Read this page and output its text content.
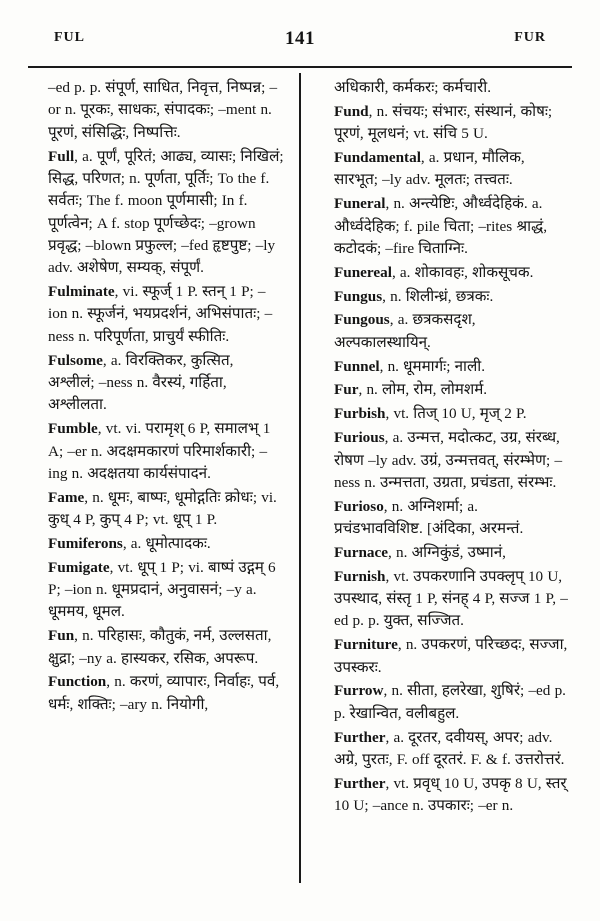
FUL	141	FUR
–ed p. p. संपूर्ण, साधित, निवृत्त, निष्पन्न; –or n. पूरकः, साधकः, संपादकः; –ment n. पूरणं, संसिद्धिः, निष्पत्तिः.
Full, a. पूर्णं, पूरितं; आढ्य, व्यासः; निखिलं; सिद्ध, परिणत; n. पूर्णता, पूर्तिः; To the f. सर्वतः; The f. moon पूर्णमासी; In f. पूर्णत्वेन; A f. stop पूर्णच्छेदः; –grown प्रवृद्ध; –blown प्रफुल्ल; –fed हृष्टपुष्ट; –ly adv. अशेषेण, सम्यक्, संपूर्णं.
Fulminate, vi. स्फूर्ज् 1 P. स्तन् 1 P; –ion n. स्फूर्जनं, भयप्रदर्शनं, अभिसंपातः; –ness n. परिपूर्णता, प्राचुर्यं स्फीतिः.
Fulsome, a. विरक्तिकर, कुत्सित, अश्लीलं; –ness n. वैरस्यं, गर्हिता, अश्लीलता.
Fumble, vt. vi. परामृश् 6 P, समालभ् 1 A; –er n. अदक्षमकारणं परिमार्शकारी; –ing n. अदक्षतया कार्यसंपादनं.
Fame, n. धूमः, बाष्पः, धूमोद्गतिः क्रोधः; vi. कुध् 4 P, कुप् 4 P; vt. धूप् 1 P.
Fumiferons, a. धूमोत्पादकः.
Fumigate, vt. धूप् 1 P; vi. बाष्पं उद्गम् 6 P; –ion n. धूमप्रदानं, अनुवासनं; –y a. धूममय, धूमल.
Fun, n. परिहासः, कौतुकं, नर्म, उल्लसता, क्षुद्रा; –ny a. हास्यकर, रसिक, अपरूप.
Function, n. करणं, व्यापारः, निर्वाहः, पर्व, धर्मः, शक्तिः; –ary n. नियोगी,
अधिकारी, कर्मकरः; कर्मचारी.
Fund, n. संचयः; संभारः, संस्थानं, कोषः; पूरणं, मूलधनं; vt. संचि 5 U.
Fundamental, a. प्रधान, मौलिक, सारभूत; –ly adv. मूलतः; तत्त्वतः.
Funeral, n. अन्त्येष्टिः, और्ध्वदेहिकं. a. और्ध्वदेहिक; f. pile चिता; –rites श्राद्धं, कटोदकं; –fire चिताग्निः.
Funereal, a. शोकावहः, शोकसूचक.
Fungus, n. शिलीन्ध्रं, छत्रकः.
Fungous, a. छत्रकसदृश, अल्पकालस्थायिन्.
Funnel, n. धूममार्गः; नाली.
Fur, n. लोम, रोम, लोमशर्म.
Furbish, vt. तिज् 10 U, मृज् 2 P.
Furious, a. उन्मत्त, मदोत्कट, उग्र, संरब्ध, रोषण –ly adv. उग्रं, उन्मत्तवत्, संरम्भेण; –ness n. उन्मत्तता, उग्रता, प्रचंडता, संरम्भः.
Furioso, n. अग्निशर्मा; a. प्रचंडभावविशिष्ट. [अंदिका, अरमन्तं.
Furnace, n. अग्निकुंडं, उष्मानं,
Furnish, vt. उपकरणानि उपक्लृप् 10 U, उपस्थाद, संस्तृ 1 P, संनह् 4 P, सज्ज 1 P, –ed p. p. युक्त, सज्जित.
Furniture, n. उपकरणं, परिच्छदः, सज्जा, उपस्करः.
Furrow, n. सीता, हलरेखा, शुषिरं; –ed p. p. रेखान्वित, वलीबहुल.
Further, a. दूरतर, दवीयस्, अपर; adv. अग्रे, पुरतः, F. off दूरतरं. F. & f. उत्तरोत्तरं.
Further, vt. प्रवृध् 10 U, उपकृ 8 U, स्तर् 10 U; –ance n. उपकारः; –er n.
